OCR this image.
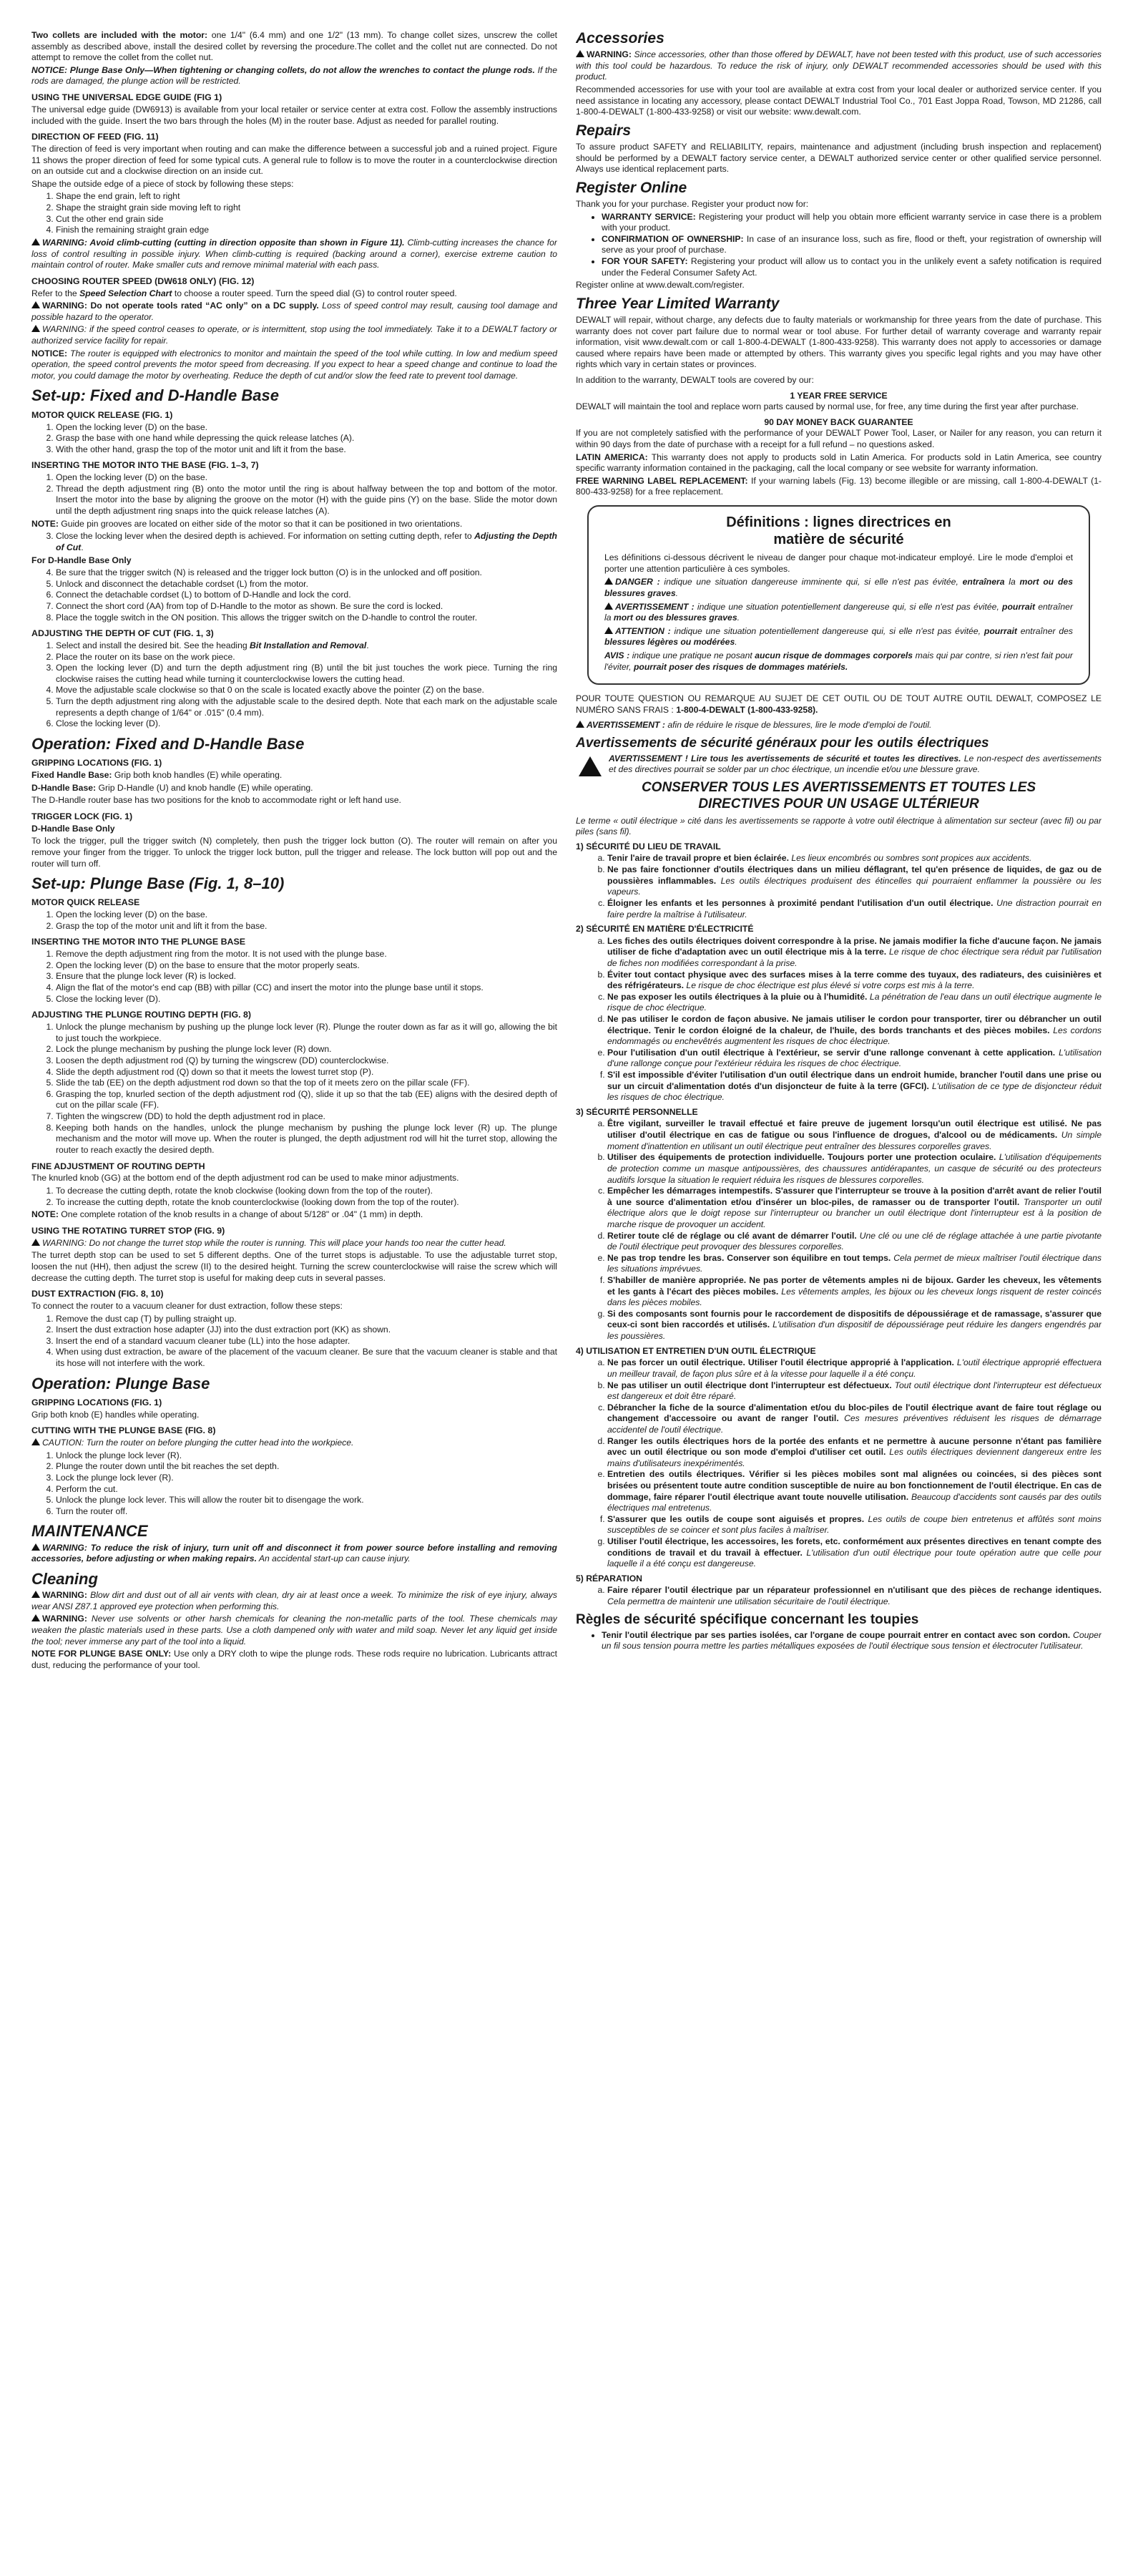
Two collets are included with the motor: one 1/4" (6.4 mm) and one 1/2" (13 mm). To change collet sizes, unscrew the collet assembly as described above, install the desired collet by reversing the procedure.The collet and the collet nut are connected. Do not attempt to remove the collet from the collet nut.

NOTICE: Plunge Base Only—When tightening or changing collets, do not allow the wrenches to contact the plunge rods. If the rods are damaged, the plunge action will be restricted.

USING THE UNIVERSAL EDGE GUIDE (FIG 1)

The universal edge guide (DW6913) is available from your local retailer or service center at extra cost. Follow the assembly instructions included with the guide. Insert the two bars through the holes (M) in the router base. Adjust as needed for parallel routing.

DIRECTION OF FEED (FIG. 11)

The direction of feed is very important when routing and can make the difference between a successful job and a ruined project. Figure 11 shows the proper direction of feed for some typical cuts. A general rule to follow is to move the router in a counterclockwise direction on an outside cut and a clockwise direction on an inside cut.

Shape the outside edge of a piece of stock by following these steps:

1. Shape the end grain, left to right
2. Shape the straight grain side moving left to right
3. Cut the other end grain side
4. Finish the remaining straight grain edge

WARNING: Avoid climb-cutting (cutting in direction opposite than shown in Figure 11). Climb-cutting increases the chance for loss of control resulting in possible injury. When climb-cutting is required (backing around a corner), exercise extreme caution to maintain control of router. Make smaller cuts and remove minimal material with each pass.

CHOOSING ROUTER SPEED (DW618 ONLY) (FIG. 12)

Refer to the Speed Selection Chart to choose a router speed. Turn the speed dial (G) to control router speed.

WARNING: Do not operate tools rated “AC only” on a DC supply. Loss of speed control may result, causing tool damage and possible hazard to the operator.

WARNING: if the speed control ceases to operate, or is intermittent, stop using the tool immediately. Take it to a DEWALT factory or authorized service facility for repair.

NOTICE: The router is equipped with electronics to monitor and maintain the speed of the tool while cutting. In low and medium speed operation, the speed control prevents the motor speed from decreasing. If you expect to hear a speed change and continue to load the motor, you could damage the motor by overheating. Reduce the depth of cut and/or slow the feed rate to prevent tool damage.

Set-up: Fixed and D-Handle Base
MOTOR QUICK RELEASE (FIG. 1)
1. Open the locking lever (D) on the base.
2. Grasp the base with one hand while depressing the quick release latches (A).
3. With the other hand, grasp the top of the motor unit and lift it from the base.
INSERTING THE MOTOR INTO THE BASE (FIG. 1–3, 7)
1. Open the locking lever (D) on the base.
2. Thread the depth adjustment ring (B) onto the motor until the ring is about halfway between the top and bottom of the motor. Insert the motor into the base by aligning the groove on the motor (H) with the guide pins (Y) on the base. Slide the motor down until the depth adjustment ring snaps into the quick release latches (A).

NOTE: Guide pin grooves are located on either side of the motor so that it can be positioned in two orientations.

3. Close the locking lever when the desired depth is achieved. For information on setting cutting depth, refer to Adjusting the Depth of Cut.

For D-Handle Base Only

4. Be sure that the trigger switch (N) is released and the trigger lock button (O) is in the unlocked and off position.
5. Unlock and disconnect the detachable cordset (L) from the motor.
6. Connect the detachable cordset (L) to bottom of D-Handle and lock the cord.
7. Connect the short cord (AA) from top of D-Handle to the motor as shown. Be sure the cord is locked.
8. Place the toggle switch in the ON position. This allows the trigger switch on the D-handle to control the router.
ADJUSTING THE DEPTH OF CUT (FIG. 1, 3)
1. Select and install the desired bit. See the heading Bit Installation and Removal.
2. Place the router on its base on the work piece.
3. Open the locking lever (D) and turn the depth adjustment ring (B) until the bit just touches the work piece. Turning the ring clockwise raises the cutting head while turning it counterclockwise lowers the cutting head.
4. Move the adjustable scale clockwise so that 0 on the scale is located exactly above the pointer (Z) on the base.
5. Turn the depth adjustment ring along with the adjustable scale to the desired depth. Note that each mark on the adjustable scale represents a depth change of 1/64" or .015" (0.4 mm).
6. Close the locking lever (D).
Operation: Fixed and D-Handle Base
GRIPPING LOCATIONS (FIG. 1)

Fixed Handle Base: Grip both knob handles (E) while operating.

D-Handle Base: Grip D-Handle (U) and knob handle (E) while operating.

The D-Handle router base has two positions for the knob to accommodate right or left hand use.

TRIGGER LOCK (FIG. 1)

D-Handle Base Only

To lock the trigger, pull the trigger switch (N) completely, then push the trigger lock button (O). The router will remain on after you remove your finger from the trigger. To unlock the trigger lock button, pull the trigger and release. The lock button will pop out and the router will turn off.

Set-up: Plunge Base (Fig. 1, 8–10)
MOTOR QUICK RELEASE
1. Open the locking lever (D) on the base.
2. Grasp the top of the motor unit and lift it from the base.
INSERTING THE MOTOR INTO THE PLUNGE BASE
1. Remove the depth adjustment ring from the motor. It is not used with the plunge base.
2. Open the locking lever (D) on the base to ensure that the motor properly seats.
3. Ensure that the plunge lock lever (R) is locked.
4. Align the flat of the motor's end cap (BB) with pillar (CC) and insert the motor into the plunge base until it stops.
5. Close the locking lever (D).
ADJUSTING THE PLUNGE ROUTING DEPTH (FIG. 8)
1. Unlock the plunge mechanism by pushing up the plunge lock lever (R). Plunge the router down as far as it will go, allowing the bit to just touch the workpiece.
2. Lock the plunge mechanism by pushing the plunge lock lever (R) down.
3. Loosen the depth adjustment rod (Q) by turning the wingscrew (DD) counterclockwise.
4. Slide the depth adjustment rod (Q) down so that it meets the lowest turret stop (P).
5. Slide the tab (EE) on the depth adjustment rod down so that the top of it meets zero on the pillar scale (FF).
6. Grasping the top, knurled section of the depth adjustment rod (Q), slide it up so that the tab (EE) aligns with the desired depth of cut on the pillar scale (FF).
7. Tighten the wingscrew (DD) to hold the depth adjustment rod in place.
8. Keeping both hands on the handles, unlock the plunge mechanism by pushing the plunge lock lever (R) up. The plunge mechanism and the motor will move up. When the router is plunged, the depth adjustment rod will hit the turret stop, allowing the router to reach exactly the desired depth.
FINE ADJUSTMENT OF ROUTING DEPTH

The knurled knob (GG) at the bottom end of the depth adjustment rod can be used to make minor adjustments.

1. To decrease the cutting depth, rotate the knob clockwise (looking down from the top of the router).
2. To increase the cutting depth, rotate the knob counterclockwise (looking down from the top of the router).

NOTE: One complete rotation of the knob results in a change of about 5/128" or .04" (1 mm) in depth.

USING THE ROTATING TURRET STOP (FIG. 9)

WARNING: Do not change the turret stop while the router is running. This will place your hands too near the cutter head.

The turret depth stop can be used to set 5 different depths. One of the turret stops is adjustable. To use the adjustable turret stop, loosen the nut (HH), then adjust the screw (II) to the desired height. Turning the screw counterclockwise will raise the screw which will decrease the cutting depth. The turret stop is useful for making deep cuts in several passes.

DUST EXTRACTION (FIG. 8, 10)

To connect the router to a vacuum cleaner for dust extraction, follow these steps:

1. Remove the dust cap (T) by pulling straight up.
2. Insert the dust extraction hose adapter (JJ) into the dust extraction port (KK) as shown.
3. Insert the end of a standard vacuum cleaner tube (LL) into the hose adapter.
4. When using dust extraction, be aware of the placement of the vacuum cleaner. Be sure that the vacuum cleaner is stable and that its hose will not interfere with the work.
Operation: Plunge Base
GRIPPING LOCATIONS (FIG. 1)

Grip both knob (E) handles while operating.

CUTTING WITH THE PLUNGE BASE (FIG. 8)

CAUTION: Turn the router on before plunging the cutter head into the workpiece.

1. Unlock the plunge lock lever (R).
2. Plunge the router down until the bit reaches the set depth.
3. Lock the plunge lock lever (R).
4. Perform the cut.
5. Unlock the plunge lock lever. This will allow the router bit to disengage the work.
6. Turn the router off.
MAINTENANCE

WARNING: To reduce the risk of injury, turn unit off and disconnect it from power source before installing and removing accessories, before adjusting or when making repairs. An accidental start-up can cause injury.

Cleaning

WARNING: Blow dirt and dust out of all air vents with clean, dry air at least once a week. To minimize the risk of eye injury, always wear ANSI Z87.1 approved eye protection when performing this.

WARNING: Never use solvents or other harsh chemicals for cleaning the non-metallic parts of the tool. These chemicals may weaken the plastic materials used in these parts. Use a cloth dampened only with water and mild soap. Never let any liquid get inside the tool; never immerse any part of the tool into a liquid.

NOTE FOR PLUNGE BASE ONLY: Use only a DRY cloth to wipe the plunge rods. These rods require no lubrication. Lubricants attract dust, reducing the performance of your tool.

Accessories

WARNING: Since accessories, other than those offered by DEWALT, have not been tested with this product, use of such accessories with this tool could be hazardous. To reduce the risk of injury, only DEWALT recommended accessories should be used with this product.

Recommended accessories for use with your tool are available at extra cost from your local dealer or authorized service center. If you need assistance in locating any accessory, please contact DEWALT Industrial Tool Co., 701 East Joppa Road, Towson, MD 21286, call 1-800-4-DEWALT (1-800-433-9258) or visit our website: www.dewalt.com.

Repairs

To assure product SAFETY and RELIABILITY, repairs, maintenance and adjustment (including brush inspection and replacement) should be performed by a DEWALT factory service center, a DEWALT authorized service center or other qualified service personnel. Always use identical replacement parts.

Register Online

Thank you for your purchase. Register your product now for:

• WARRANTY SERVICE: Registering your product will help you obtain more efficient warranty service in case there is a problem with your product.
• CONFIRMATION OF OWNERSHIP: In case of an insurance loss, such as fire, flood or theft, your registration of ownership will serve as your proof of purchase.
• FOR YOUR SAFETY: Registering your product will allow us to contact you in the unlikely event a safety notification is required under the Federal Consumer Safety Act.

Register online at www.dewalt.com/register.

Three Year Limited Warranty

DEWALT will repair, without charge, any defects due to faulty materials or workmanship for three years from the date of purchase. This warranty does not cover part failure due to normal wear or tool abuse. For further detail of warranty coverage and warranty repair information, visit www.dewalt.com or call 1-800-4-DEWALT (1-800-433-9258). This warranty does not apply to accessories or damage caused where repairs have been made or attempted by others. This warranty gives you specific legal rights and you may have other rights which vary in certain states or provinces.

In addition to the warranty, DEWALT tools are covered by our:

1 YEAR FREE SERVICE

DEWALT will maintain the tool and replace worn parts caused by normal use, for free, any time during the first year after purchase.

90 DAY MONEY BACK GUARANTEE

If you are not completely satisfied with the performance of your DEWALT Power Tool, Laser, or Nailer for any reason, you can return it within 90 days from the date of purchase with a receipt for a full refund – no questions asked.

LATIN AMERICA: This warranty does not apply to products sold in Latin America. For products sold in Latin America, see country specific warranty information contained in the packaging, call the local company or see website for warranty information.

FREE WARNING LABEL REPLACEMENT: If your warning labels (Fig. 13) become illegible or are missing, call 1-800-4-DEWALT (1-800-433-9258) for a free replacement.

Définitions : lignes directrices en
matière de sécurité

Les définitions ci-dessous décrivent le niveau de danger pour chaque mot-indicateur employé. Lire le mode d'emploi et porter une attention particulière à ces symboles.

DANGER : indique une situation dangereuse imminente qui, si elle n'est pas évitée, entraînera la mort ou des blessures graves.

AVERTISSEMENT : indique une situation potentiellement dangereuse qui, si elle n'est pas évitée, pourrait entraîner la mort ou des blessures graves.

ATTENTION : indique une situation potentiellement dangereuse qui, si elle n'est pas évitée, pourrait entraîner des blessures légères ou modérées.

AVIS : indique une pratique ne posant aucun risque de dommages corporels mais qui par contre, si rien n'est fait pour l'éviter, pourrait poser des risques de dommages matériels.

POUR TOUTE QUESTION OU REMARQUE AU SUJET DE CET OUTIL OU DE TOUT AUTRE OUTIL DEWALT, COMPOSEZ LE NUMÉRO SANS FRAIS : 1-800-4-DEWALT (1-800-433-9258).

AVERTISSEMENT : afin de réduire le risque de blessures, lire le mode d'emploi de l'outil.

Avertissements de sécurité généraux pour les outils électriques

AVERTISSEMENT ! Lire tous les avertissements de sécurité et toutes les directives. Le non-respect des avertissements et des directives pourrait se solder par un choc électrique, un incendie et/ou une blessure grave.

CONSERVER TOUS LES AVERTISSEMENTS ET TOUTES LES
DIRECTIVES POUR UN USAGE ULTÉRIEUR

Le terme « outil électrique » cité dans les avertissements se rapporte à votre outil électrique à alimentation sur secteur (avec fil) ou par piles (sans fil).

1) SÉCURITÉ DU LIEU DE TRAVAIL
a. Tenir l'aire de travail propre et bien éclairée. Les lieux encombrés ou sombres sont propices aux accidents.
b. Ne pas faire fonctionner d'outils électriques dans un milieu déflagrant, tel qu'en présence de liquides, de gaz ou de poussières inflammables. Les outils électriques produisent des étincelles qui pourraient enflammer la poussière ou les vapeurs.
c. Éloigner les enfants et les personnes à proximité pendant l'utilisation d'un outil électrique. Une distraction pourrait en faire perdre la maîtrise à l'utilisateur.
2) SÉCURITÉ EN MATIÈRE D'ÉLECTRICITÉ
a. Les fiches des outils électriques doivent correspondre à la prise. Ne jamais modifier la fiche d'aucune façon. Ne jamais utiliser de fiche d'adaptation avec un outil électrique mis à la terre. Le risque de choc électrique sera réduit par l'utilisation de fiches non modifiées correspondant à la prise.
b. Éviter tout contact physique avec des surfaces mises à la terre comme des tuyaux, des radiateurs, des cuisinières et des réfrigérateurs. Le risque de choc électrique est plus élevé si votre corps est mis à la terre.
c. Ne pas exposer les outils électriques à la pluie ou à l'humidité. La pénétration de l'eau dans un outil électrique augmente le risque de choc électrique.
d. Ne pas utiliser le cordon de façon abusive. Ne jamais utiliser le cordon pour transporter, tirer ou débrancher un outil électrique. Tenir le cordon éloigné de la chaleur, de l'huile, des bords tranchants et des pièces mobiles. Les cordons endommagés ou enchevêtrés augmentent les risques de choc électrique.
e. Pour l'utilisation d'un outil électrique à l'extérieur, se servir d'une rallonge convenant à cette application. L'utilisation d'une rallonge conçue pour l'extérieur réduira les risques de choc électrique.
f. S'il est impossible d'éviter l'utilisation d'un outil électrique dans un endroit humide, brancher l'outil dans une prise ou sur un circuit d'alimentation dotés d'un disjoncteur de fuite à la terre (GFCI). L'utilisation de ce type de disjoncteur réduit les risques de choc électrique.
3) SÉCURITÉ PERSONNELLE
a. Être vigilant, surveiller le travail effectué et faire preuve de jugement lorsqu'un outil électrique est utilisé. Ne pas utiliser d'outil électrique en cas de fatigue ou sous l'influence de drogues, d'alcool ou de médicaments. Un simple moment d'inattention en utilisant un outil électrique peut entraîner des blessures corporelles graves.
b. Utiliser des équipements de protection individuelle. Toujours porter une protection oculaire. L'utilisation d'équipements de protection comme un masque antipoussières, des chaussures antidérapantes, un casque de sécurité ou des protecteurs auditifs lorsque la situation le requiert réduira les risques de blessures corporelles.
c. Empêcher les démarrages intempestifs. S'assurer que l'interrupteur se trouve à la position d'arrêt avant de relier l'outil à une source d'alimentation et/ou d'insérer un bloc-piles, de ramasser ou de transporter l'outil. Transporter un outil électrique alors que le doigt repose sur l'interrupteur ou brancher un outil électrique dont l'interrupteur est à la position de marche risque de provoquer un accident.
d. Retirer toute clé de réglage ou clé avant de démarrer l'outil. Une clé ou une clé de réglage attachée à une partie pivotante de l'outil électrique peut provoquer des blessures corporelles.
e. Ne pas trop tendre les bras. Conserver son équilibre en tout temps. Cela permet de mieux maîtriser l'outil électrique dans les situations imprévues.
f. S'habiller de manière appropriée. Ne pas porter de vêtements amples ni de bijoux. Garder les cheveux, les vêtements et les gants à l'écart des pièces mobiles. Les vêtements amples, les bijoux ou les cheveux longs risquent de rester coincés dans les pièces mobiles.
g. Si des composants sont fournis pour le raccordement de dispositifs de dépoussiérage et de ramassage, s'assurer que ceux-ci sont bien raccordés et utilisés. L'utilisation d'un dispositif de dépoussiérage peut réduire les dangers engendrés par les poussières.
4) UTILISATION ET ENTRETIEN D'UN OUTIL ÉLECTRIQUE
a. Ne pas forcer un outil électrique. Utiliser l'outil électrique approprié à l'application. L'outil électrique approprié effectuera un meilleur travail, de façon plus sûre et à la vitesse pour laquelle il a été conçu.
b. Ne pas utiliser un outil électrique dont l'interrupteur est défectueux. Tout outil électrique dont l'interrupteur est défectueux est dangereux et doit être réparé.
c. Débrancher la fiche de la source d'alimentation et/ou du bloc-piles de l'outil électrique avant de faire tout réglage ou changement d'accessoire ou avant de ranger l'outil. Ces mesures préventives réduisent les risques de démarrage accidentel de l'outil électrique.
d. Ranger les outils électriques hors de la portée des enfants et ne permettre à aucune personne n'étant pas familière avec un outil électrique ou son mode d'emploi d'utiliser cet outil. Les outils électriques deviennent dangereux entre les mains d'utilisateurs inexpérimentés.
e. Entretien des outils électriques. Vérifier si les pièces mobiles sont mal alignées ou coincées, si des pièces sont brisées ou présentent toute autre condition susceptible de nuire au bon fonctionnement de l'outil électrique. En cas de dommage, faire réparer l'outil électrique avant toute nouvelle utilisation. Beaucoup d'accidents sont causés par des outils électriques mal entretenus.
f. S'assurer que les outils de coupe sont aiguisés et propres. Les outils de coupe bien entretenus et affûtés sont moins susceptibles de se coincer et sont plus faciles à maîtriser.
g. Utiliser l'outil électrique, les accessoires, les forets, etc. conformément aux présentes directives en tenant compte des conditions de travail et du travail à effectuer. L'utilisation d'un outil électrique pour toute opération autre que celle pour laquelle il a été conçu est dangereuse.
5) RÉPARATION
a. Faire réparer l'outil électrique par un réparateur professionnel en n'utilisant que des pièces de rechange identiques. Cela permettra de maintenir une utilisation sécuritaire de l'outil électrique.
Règles de sécurité spécifique concernant les toupies
• Tenir l'outil électrique par ses parties isolées, car l'organe de coupe pourrait entrer en contact avec son cordon. Couper un fil sous tension pourra mettre les parties métalliques exposées de l'outil électrique sous tension et électrocuter l'utilisateur.
